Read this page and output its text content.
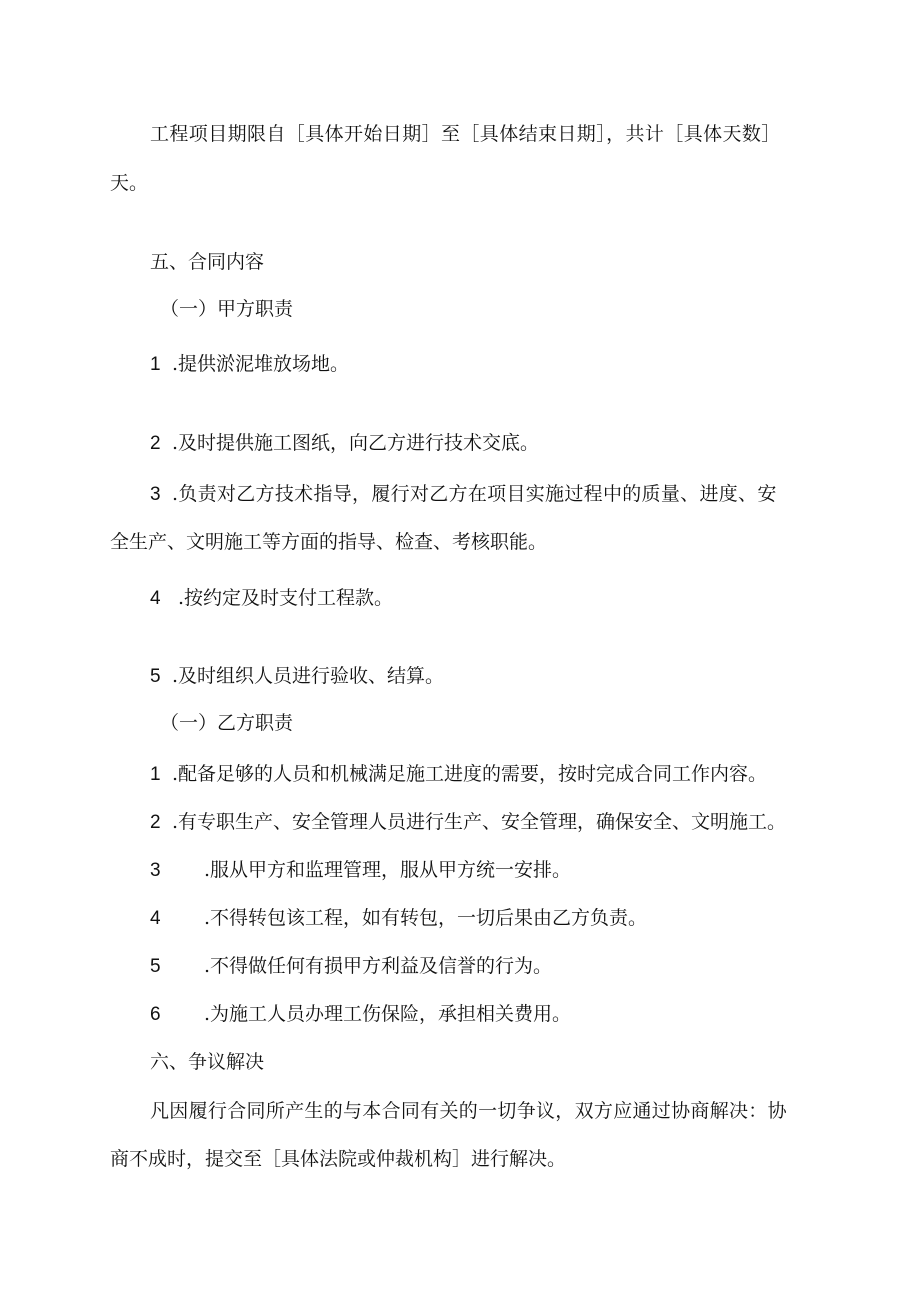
工程项目期限自［具体开始日期］至［具体结束日期］，共计［具体天数］
天。
五、合同内容
（一）甲方职责
1 .提供淤泥堆放场地。
2 .及时提供施工图纸，向乙方进行技术交底。
3 .负责对乙方技术指导，履行对乙方在项目实施过程中的质量、进度、安
全生产、文明施工等方面的指导、检查、考核职能。
4 .按约定及时支付工程款。
5 .及时组织人员进行验收、结算。
（一）乙方职责
1 .配备足够的人员和机械满足施工进度的需要，按时完成合同工作内容。
2 .有专职生产、安全管理人员进行生产、安全管理，确保安全、文明施工。
3 .服从甲方和监理管理，服从甲方统一安排。
4 .不得转包该工程，如有转包，一切后果由乙方负责。
5 .不得做任何有损甲方利益及信誉的行为。
6 .为施工人员办理工伤保险，承担相关费用。
六、争议解决
凡因履行合同所产生的与本合同有关的一切争议，双方应通过协商解决：协
商不成时，提交至［具体法院或仲裁机构］进行解决。
